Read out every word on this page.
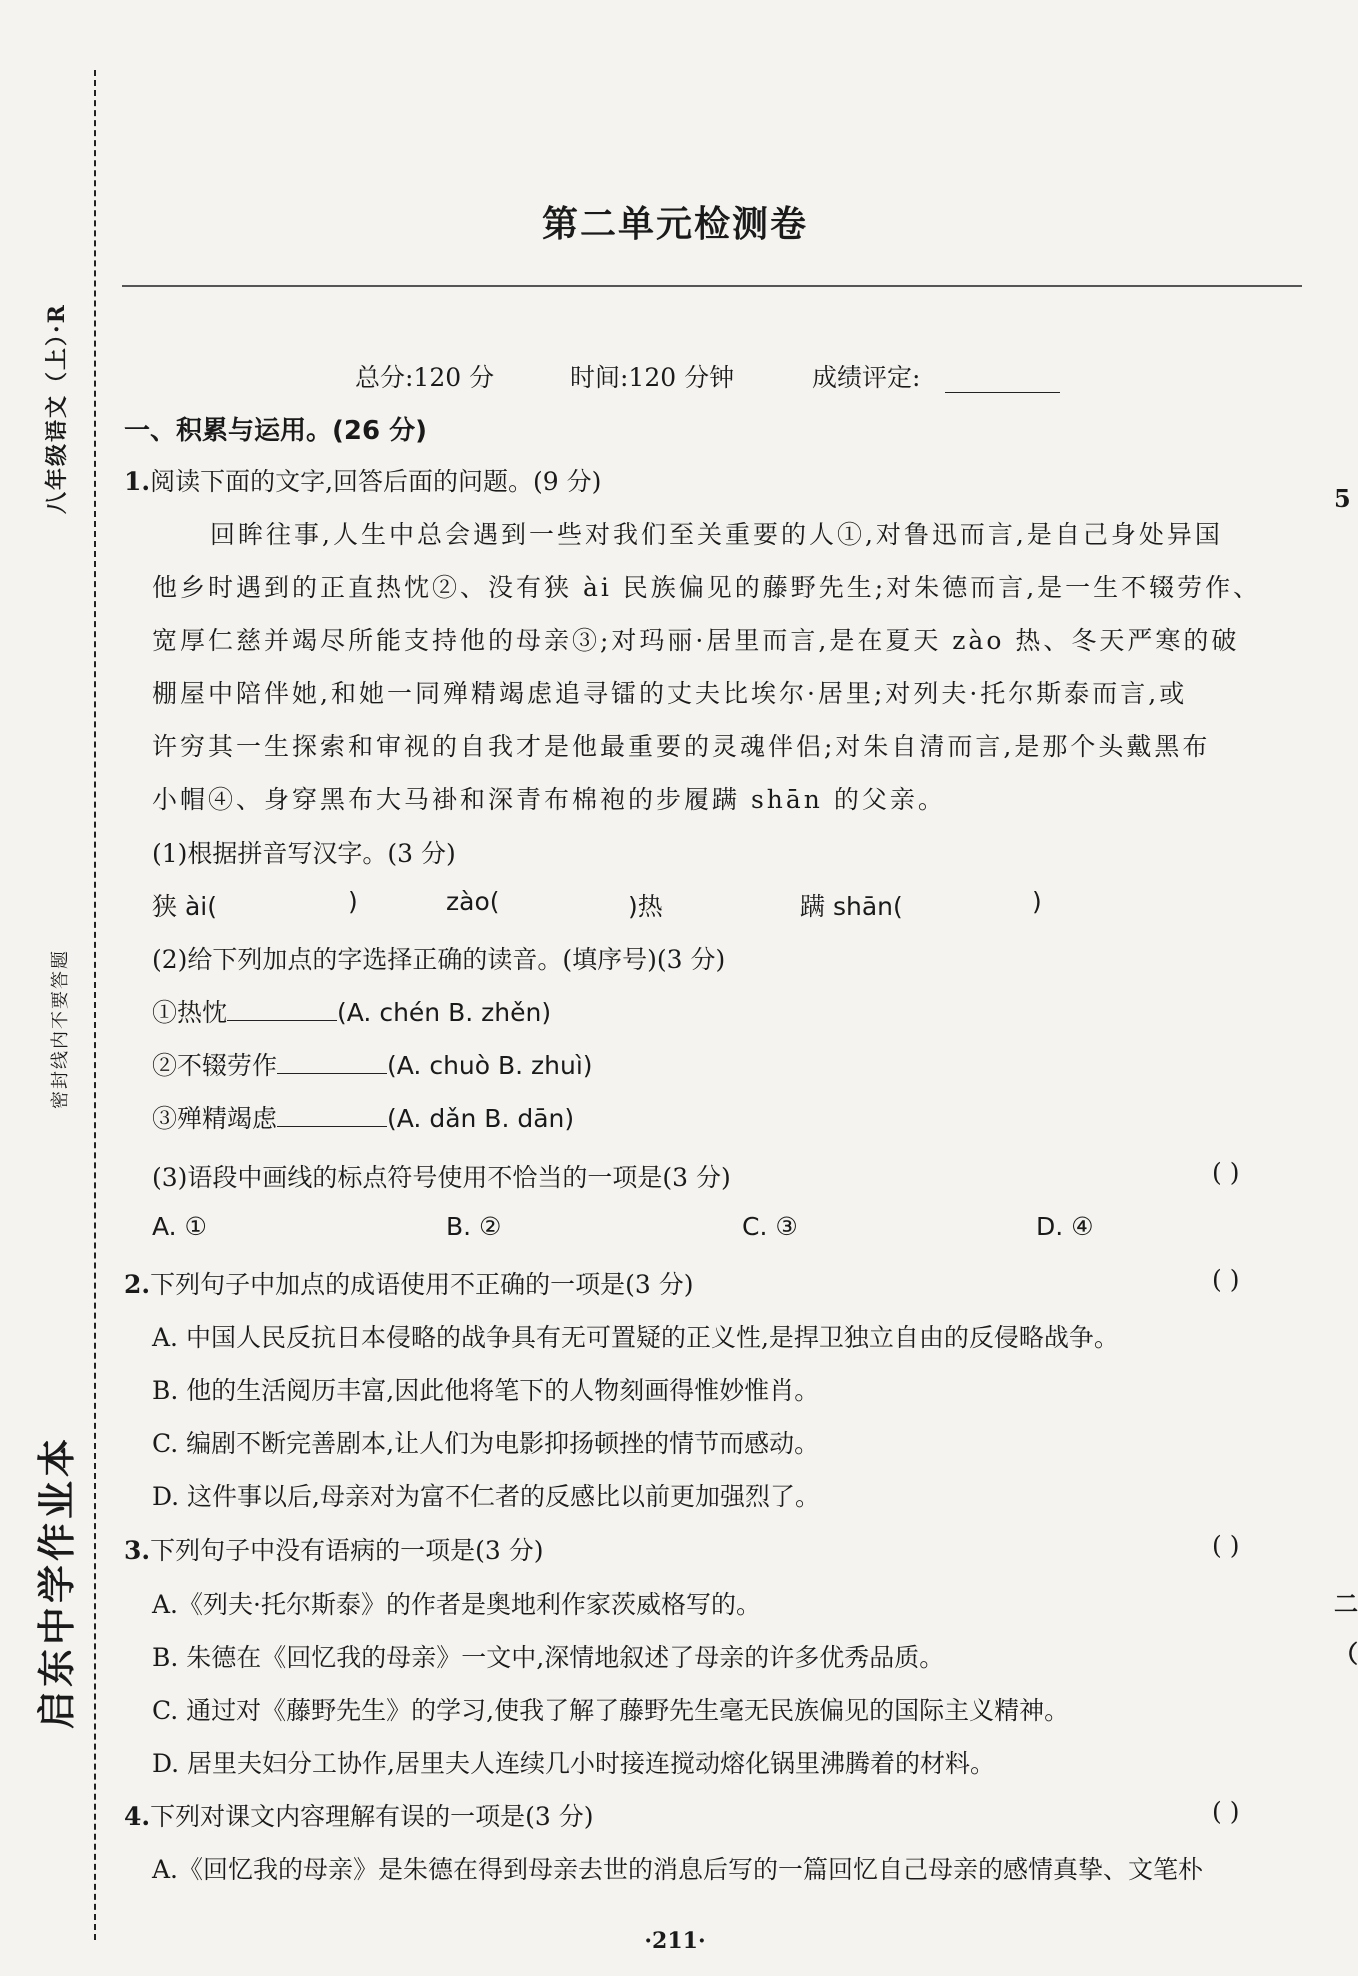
八年级语文（上）·R
密封线内不要答题
启东中学作业本
5
二
（
第二单元检测卷
总分:120 分	时间:120 分钟	成绩评定:
一、积累与运用。(26 分)
1.阅读下面的文字,回答后面的问题。(9 分)
回眸往事,人生中总会遇到一些对我们至关重要的人①,对鲁迅而言,是自己身处异国
他乡时遇到的正直热忱②、没有狭 ài 民族偏见的藤野先生;对朱德而言,是一生不辍劳作、
宽厚仁慈并竭尽所能支持他的母亲③;对玛丽·居里而言,是在夏天 zào 热、冬天严寒的破
棚屋中陪伴她,和她一同殚精竭虑追寻镭的丈夫比埃尔·居里;对列夫·托尔斯泰而言,或
许穷其一生探索和审视的自我才是他最重要的灵魂伴侣;对朱自清而言,是那个头戴黑布
小帽④、身穿黑布大马褂和深青布棉袍的步履蹒 shān 的父亲。
(1)根据拼音写汉字。(3 分)
狭 ài(	)	zào(	)热	蹒 shān(	)
(2)给下列加点的字选择正确的读音。(填序号)(3 分)
①热忱	(A. chén B. zhěn)
②不辍劳作	(A. chuò B. zhuì)
③殚精竭虑	(A. dǎn B. dān)
(3)语段中画线的标点符号使用不恰当的一项是(3 分)	( )
A. ①	B. ②	C. ③	D. ④
2.下列句子中加点的成语使用不正确的一项是(3 分)	( )
A. 中国人民反抗日本侵略的战争具有无可置疑的正义性,是捍卫独立自由的反侵略战争。
B. 他的生活阅历丰富,因此他将笔下的人物刻画得惟妙惟肖。
C. 编剧不断完善剧本,让人们为电影抑扬顿挫的情节而感动。
D. 这件事以后,母亲对为富不仁者的反感比以前更加强烈了。
3.下列句子中没有语病的一项是(3 分)	( )
A.《列夫·托尔斯泰》的作者是奥地利作家茨威格写的。
B. 朱德在《回忆我的母亲》一文中,深情地叙述了母亲的许多优秀品质。
C. 通过对《藤野先生》的学习,使我了解了藤野先生毫无民族偏见的国际主义精神。
D. 居里夫妇分工协作,居里夫人连续几小时接连搅动熔化锅里沸腾着的材料。
4.下列对课文内容理解有误的一项是(3 分)	( )
A.《回忆我的母亲》是朱德在得到母亲去世的消息后写的一篇回忆自己母亲的感情真挚、文笔朴
·211·
